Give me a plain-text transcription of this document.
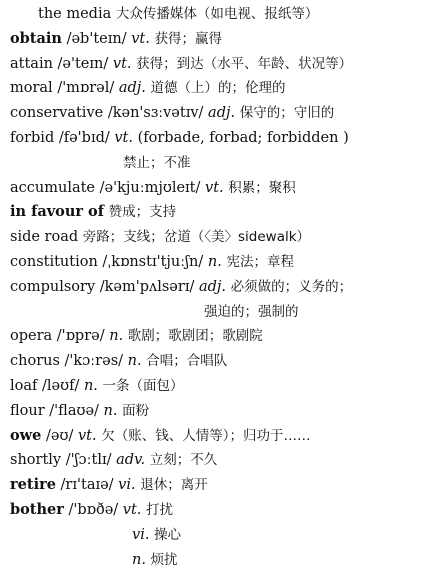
the media 大众传播媒体（如电视、报纸等）
obtain /əb'teɪn/ vt. 获得；赢得
attain /ə'teɪn/ vt. 获得；到达（水平、年龄、状况等）
moral /'mɒrəl/ adj. 道德（上）的；伦理的
conservative /kən'sɜːvətɪv/ adj. 保守的；守旧的
forbid /fə'bɪd/ vt. (forbade, forbad; forbidden )
禁止；不准
accumulate /ə'kjuːmjʊleɪt/ vt. 积累；聚积
in favour of 赞成；支持
side road 旁路；支线；岔道（〈美〉sidewalk）
constitution /ˌkɒnstɪ'tjuːʃn/ n. 宪法；章程
compulsory /kəm'pʌlsərɪ/ adj. 必须做的；义务的；
强迫的；强制的
opera /'ɒprə/ n. 歌剧；歌剧团；歌剧院
chorus /'kɔːrəs/ n. 合唱；合唱队
loaf /ləʊf/ n. 一条（面包）
flour /'flaʊə/ n. 面粉
owe /əʊ/ vt. 欠（账、钱、人情等）；归功于……
shortly /'ʃɔːtlɪ/ adv. 立刻；不久
retire /rɪ'taɪə/ vi. 退休；离开
bother /'bɒðə/ vt. 打扰
vi. 操心
n. 烦扰
